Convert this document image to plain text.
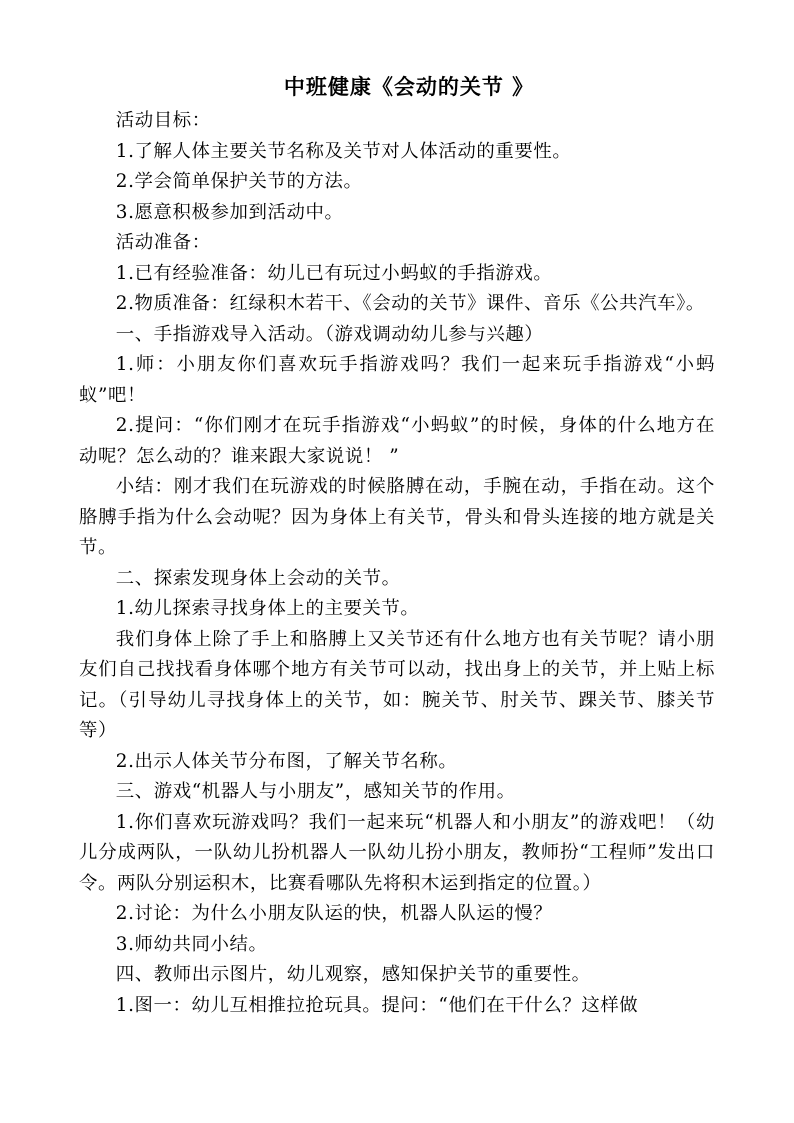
中班健康《会动的关节 》

活动目标：

1.了解人体主要关节名称及关节对人体活动的重要性。

2.学会简单保护关节的方法。

3.愿意积极参加到活动中。

活动准备：

1.已有经验准备：幼儿已有玩过小蚂蚁的手指游戏。

2.物质准备：红绿积木若干、《会动的关节》课件、音乐《公共汽车》。

一、手指游戏导入活动。（游戏调动幼儿参与兴趣）

1.师：小朋友你们喜欢玩手指游戏吗？我们一起来玩手指游戏“小蚂蚁”吧！

2.提问：“你们刚才在玩手指游戏“小蚂蚁”的时候，身体的什么地方在动呢？怎么动的？谁来跟大家说说！ ”

小结：刚才我们在玩游戏的时候胳膊在动，手腕在动，手指在动。这个胳膊手指为什么会动呢？因为身体上有关节，骨头和骨头连接的地方就是关节。

二、探索发现身体上会动的关节。

1.幼儿探索寻找身体上的主要关节。

我们身体上除了手上和胳膊上又关节还有什么地方也有关节呢？请小朋友们自己找找看身体哪个地方有关节可以动，找出身上的关节，并上贴上标记。（引导幼儿寻找身体上的关节，如：腕关节、肘关节、踝关节、膝关节等）

2.出示人体关节分布图，了解关节名称。

三、游戏“机器人与小朋友”，感知关节的作用。

1.你们喜欢玩游戏吗？我们一起来玩“机器人和小朋友”的游戏吧！（幼儿分成两队，一队幼儿扮机器人一队幼儿扮小朋友，教师扮“工程师”发出口令。两队分别运积木，比赛看哪队先将积木运到指定的位置。）

2.讨论：为什么小朋友队运的快，机器人队运的慢？

3.师幼共同小结。

四、教师出示图片，幼儿观察，感知保护关节的重要性。

1.图一：幼儿互相推拉抢玩具。提问：“他们在干什么？这样做
